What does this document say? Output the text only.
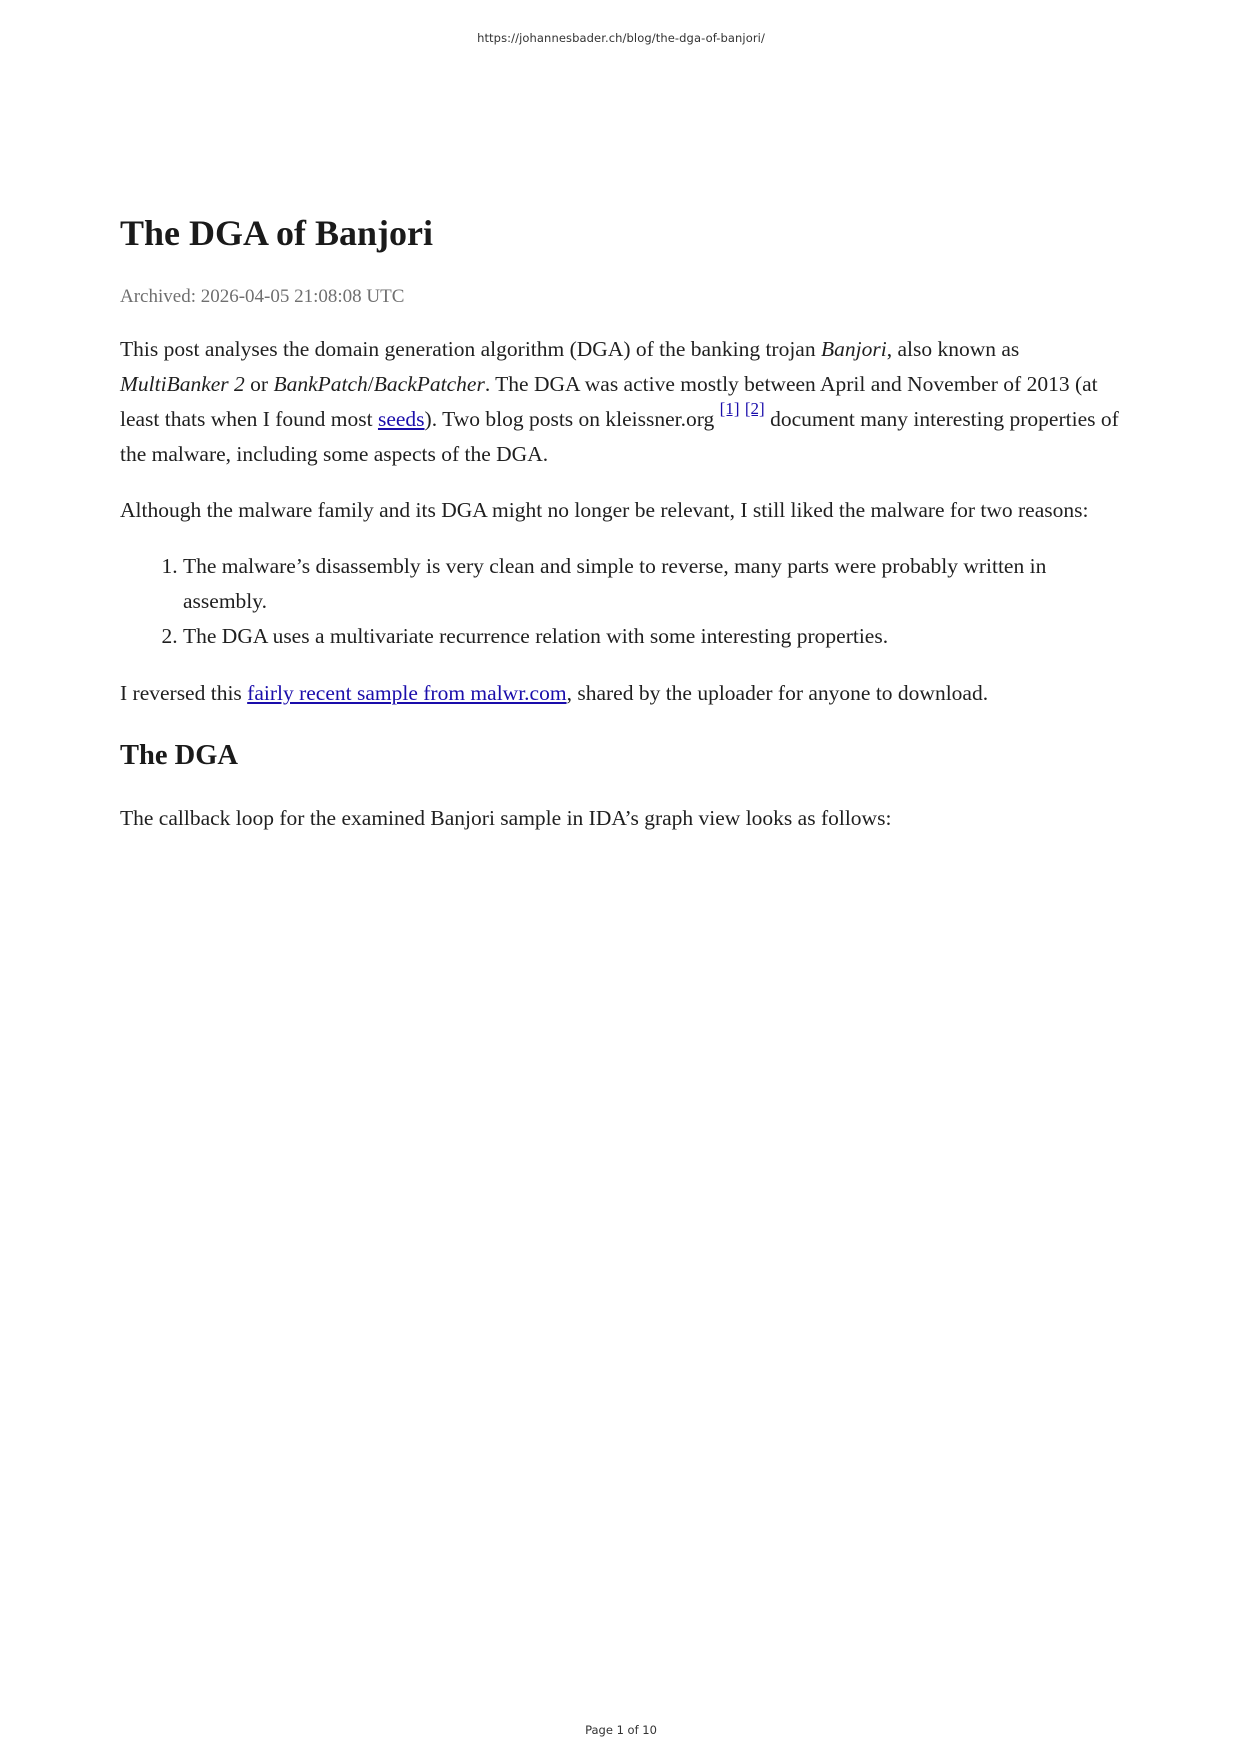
https://johannesbader.ch/blog/the-dga-of-banjori/
The DGA of Banjori
Archived: 2026-04-05 21:08:08 UTC

This post analyses the domain generation algorithm (DGA) of the banking trojan Banjori, also known as MultiBanker 2 or BankPatch/BackPatcher. The DGA was active mostly between April and November of 2013 (at least thats when I found most seeds). Two blog posts on kleissner.org [1] [2] document many interesting properties of the malware, including some aspects of the DGA.

Although the malware family and its DGA might no longer be relevant, I still liked the malware for two reasons:

1. The malware’s disassembly is very clean and simple to reverse, many parts were probably written in assembly.
2. The DGA uses a multivariate recurrence relation with some interesting properties.

I reversed this fairly recent sample from malwr.com, shared by the uploader for anyone to download.

The DGA

The callback loop for the examined Banjori sample in IDA’s graph view looks as follows:

Page 1 of 10
